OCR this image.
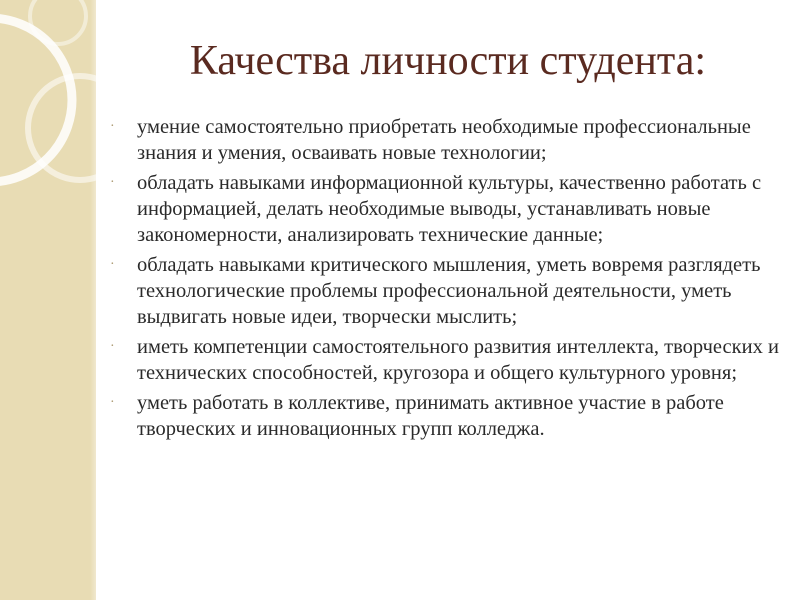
Качества личности студента:
· умение самостоятельно приобретать необходимые профессиональные знания и умения, осваивать новые технологии;
· обладать навыками информационной культуры, качественно работать с информацией, делать необходимые выводы, устанавливать новые закономерности, анализировать технические данные;
· обладать навыками критического мышления, уметь вовремя разглядеть технологические проблемы профессиональной деятельности, уметь выдвигать новые идеи, творчески мыслить;
· иметь компетенции самостоятельного развития интеллекта, творческих и технических способностей, кругозора и общего культурного уровня;
· уметь работать в коллективе, принимать активное участие в работе творческих и инновационных групп колледжа.
